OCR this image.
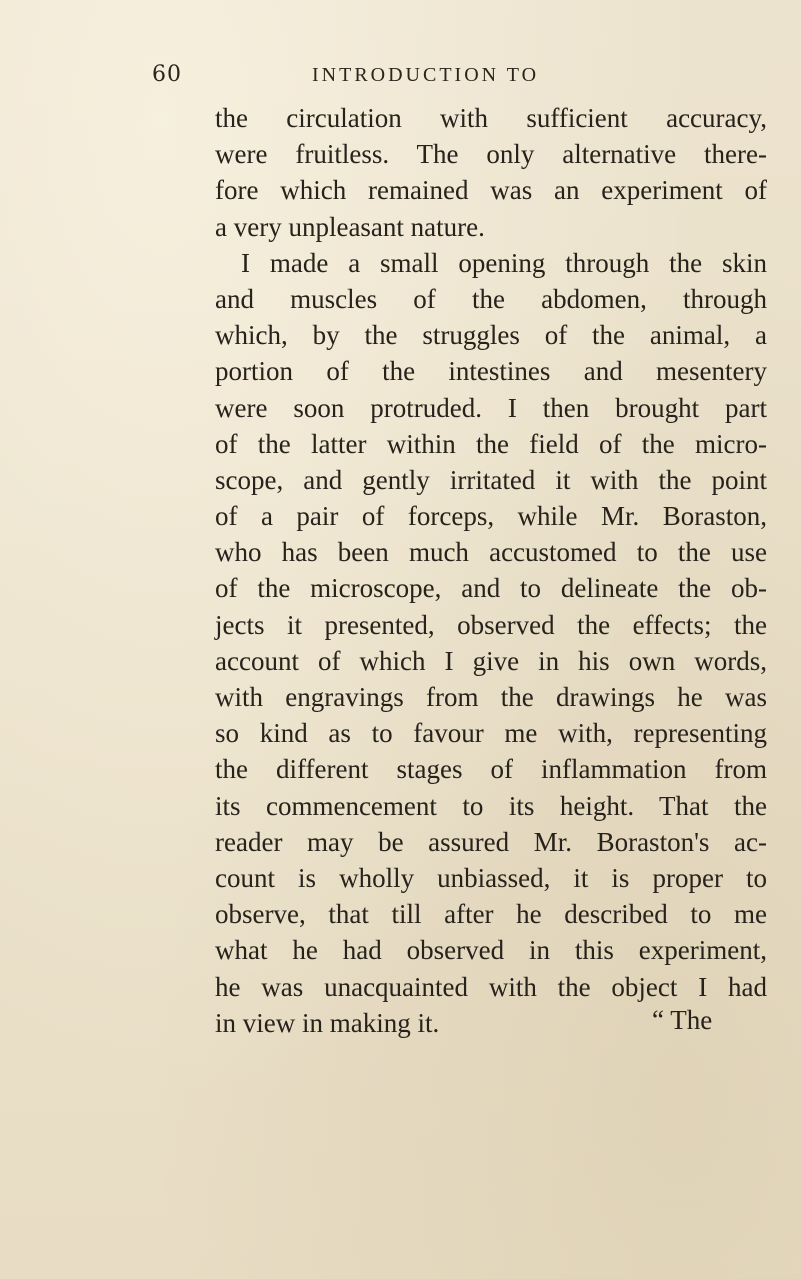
60	INTRODUCTION TO
the circulation with sufficient accuracy,
were fruitless. The only alternative there-
fore which remained was an experiment of
a very unpleasant nature.
I made a small opening through the skin
and muscles of the abdomen, through
which, by the struggles of the animal, a
portion of the intestines and mesentery
were soon protruded. I then brought part
of the latter within the field of the micro-
scope, and gently irritated it with the point
of a pair of forceps, while Mr. Boraston,
who has been much accustomed to the use
of the microscope, and to delineate the ob-
jects it presented, observed the effects; the
account of which I give in his own words,
with engravings from the drawings he was
so kind as to favour me with, representing
the different stages of inflammation from
its commencement to its height. That the
reader may be assured Mr. Boraston's ac-
count is wholly unbiassed, it is proper to
observe, that till after he described to me
what he had observed in this experiment,
he was unacquainted with the object I had
in view in making it.	“ The
